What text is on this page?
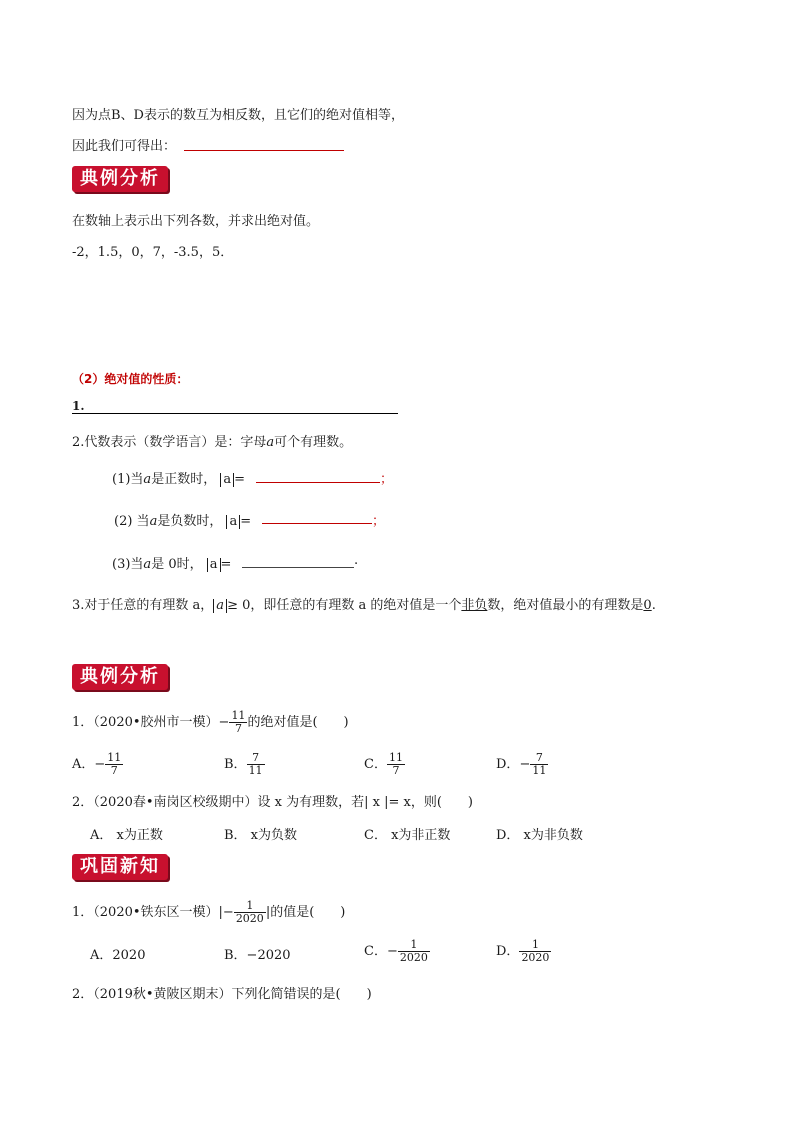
因为点B、D表示的数互为相反数，且它们的绝对值相等，
因此我们可得出：
典例分析
在数轴上表示出下列各数，并求出绝对值。
-2，1.5，0，7，-3.5，5．
（2）绝对值的性质：
1.
2.代数表示（数学语言）是：字母a可个有理数。
(1)当a是正数时， a =	；
(2) 当a是负数时， a =	；
(3)当a是 0时， a =	.
3.对于任意的有理数 a， a ≥ 0，即任意的有理数 a 的绝对值是一个非负数，绝对值最小的有理数是0.
典例分析
1．（2020•胶州市一模）− $\frac{11}{7}$ 的绝对值是(　　)
A．− $\frac{11}{7}$	B． $\frac{7}{11}$	C． $\frac{11}{7}$	D．− $\frac{7}{11}$
2．（2020春•南岗区校级期中）设 x 为有理数，若| x |= x，则(　　)
A． x为正数	B． x为负数	C． x为非正数	D． x为非负数
巩固新知
1．（2020•铁东区一模）|− $\frac{1}{2020}$ |的值是(　　)
A．2020	B．−2020	C．− $\frac{1}{2020}$	D． $\frac{1}{2020}$
2．（2019秋•黄陂区期末）下列化简错误的是(　　)
